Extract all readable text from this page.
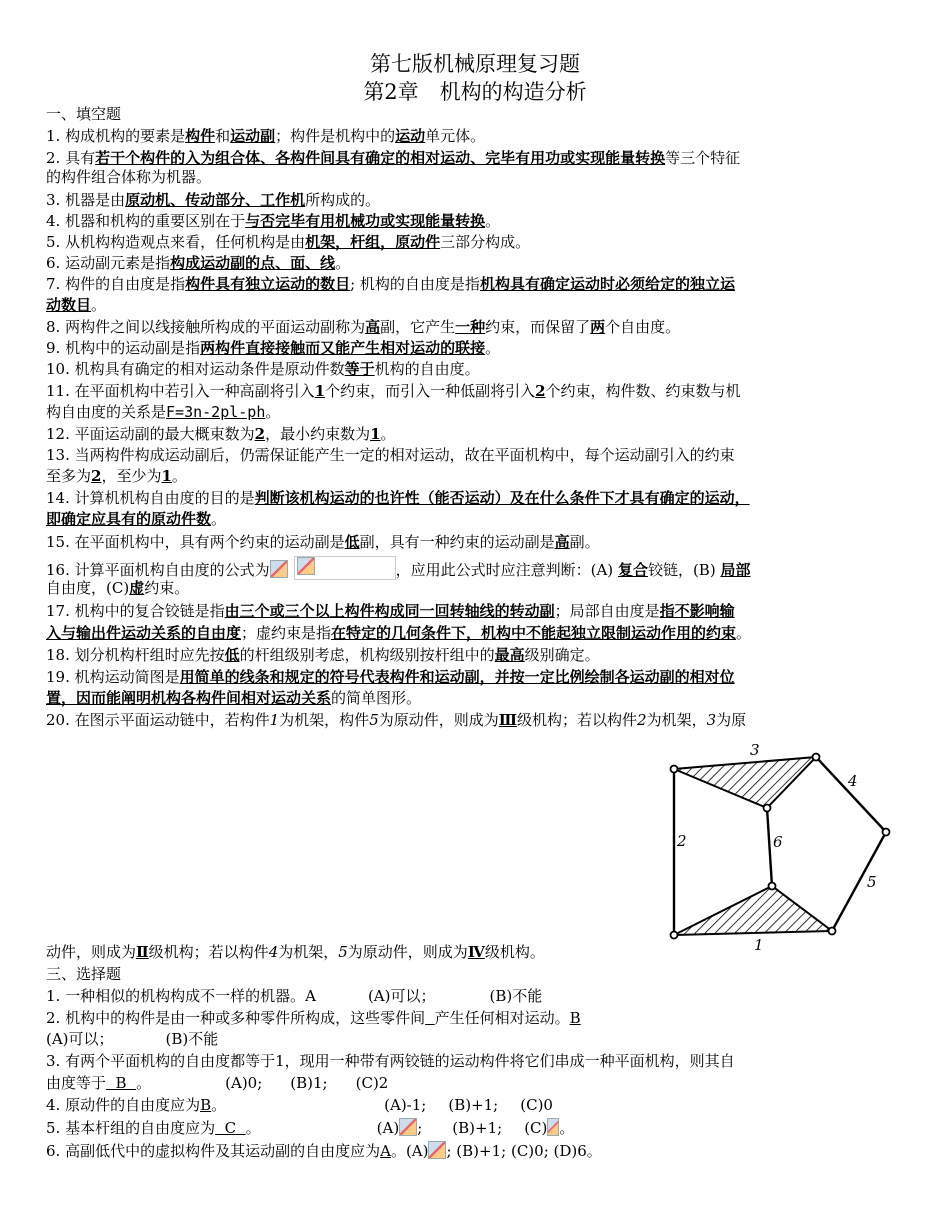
第七版机械原理复习题
第2章　机构的构造分析
一、填空题
1. 构成机构的要素是构件和运动副；构件是机构中的运动单元体。
2. 具有若干个构件的入为组合体、各构件间具有确定的相对运动、完毕有用功或实现能量转换等三个特征
的构件组合体称为机器。
3. 机器是由原动机、传动部分、工作机所构成的。
4. 机器和机构的重要区别在于与否完毕有用机械功或实现能量转换。
5. 从机构构造观点来看，任何机构是由机架，杆组，原动件三部分构成。
6. 运动副元素是指构成运动副的点、面、线。
7. 构件的自由度是指构件具有独立运动的数目; 机构的自由度是指机构具有确定运动时必须给定的独立运
动数目。
8. 两构件之间以线接触所构成的平面运动副称为高副，它产生一种约束，而保留了两个自由度。
9. 机构中的运动副是指两构件直接接触而又能产生相对运动的联接。
10. 机构具有确定的相对运动条件是原动件数等于机构的自由度。
11. 在平面机构中若引入一种高副将引入1个约束，而引入一种低副将引入2个约束，构件数、约束数与机
构自由度的关系是F=3n-2pl-ph。
12. 平面运动副的最大概束数为2，最小约束数为1。
13. 当两构件构成运动副后，仍需保证能产生一定的相对运动，故在平面机构中，每个运动副引入的约束
至多为2，至少为1。
14. 计算机机构自由度的目的是判断该机构运动的也许性（能否运动）及在什么条件下才具有确定的运动，
即确定应具有的原动件数。
15. 在平面机构中，具有两个约束的运动副是低副，具有一种约束的运动副是高副。
16. 计算平面机构自由度的公式为	，应用此公式时应注意判断：(A) 复合铰链，(B) 局部
自由度，(C)虚约束。
17. 机构中的复合铰链是指由三个或三个以上构件构成同一回转轴线的转动副；局部自由度是指不影响输
入与输出件运动关系的自由度；虚约束是指在特定的几何条件下，机构中不能起独立限制运动作用的约束。
18. 划分机构杆组时应先按低的杆组级别考虑，机构级别按杆组中的最高级别确定。
19. 机构运动简图是用简单的线条和规定的符号代表构件和运动副，并按一定比例绘制各运动副的相对位
置，因而能阐明机构各构件间相对运动关系的简单图形。
20. 在图示平面运动链中，若构件1为机架，构件5为原动件，则成为Ⅲ级机构；若以构件2为机架，3为原
3
4
2	6
5
1
动件，则成为Ⅱ级机构；若以构件4为机架，5为原动件，则成为Ⅳ级机构。
三、选择题
1. 一种相似的机构构成不一样的机器。A	(A)可以；	(B)不能
2. 机构中的构件是由一种或多种零件所构成，这些零件间 产生任何相对运动。B
(A)可以；	(B)不能
3. 有两个平面机构的自由度都等于1，现用一种带有两铰链的运动构件将它们串成一种平面机构，则其自
由度等于  B  。	(A)0; (B)1; (C)2
4. 原动件的自由度应为B。	(A)-1; (B)+1; (C)0
5. 基本杆组的自由度应为  C  。	(A) ; (B)+1; (C) 。
6. 高副低代中的虚拟构件及其运动副的自由度应为A。(A) ; (B)+1; (C)0; (D)6。
